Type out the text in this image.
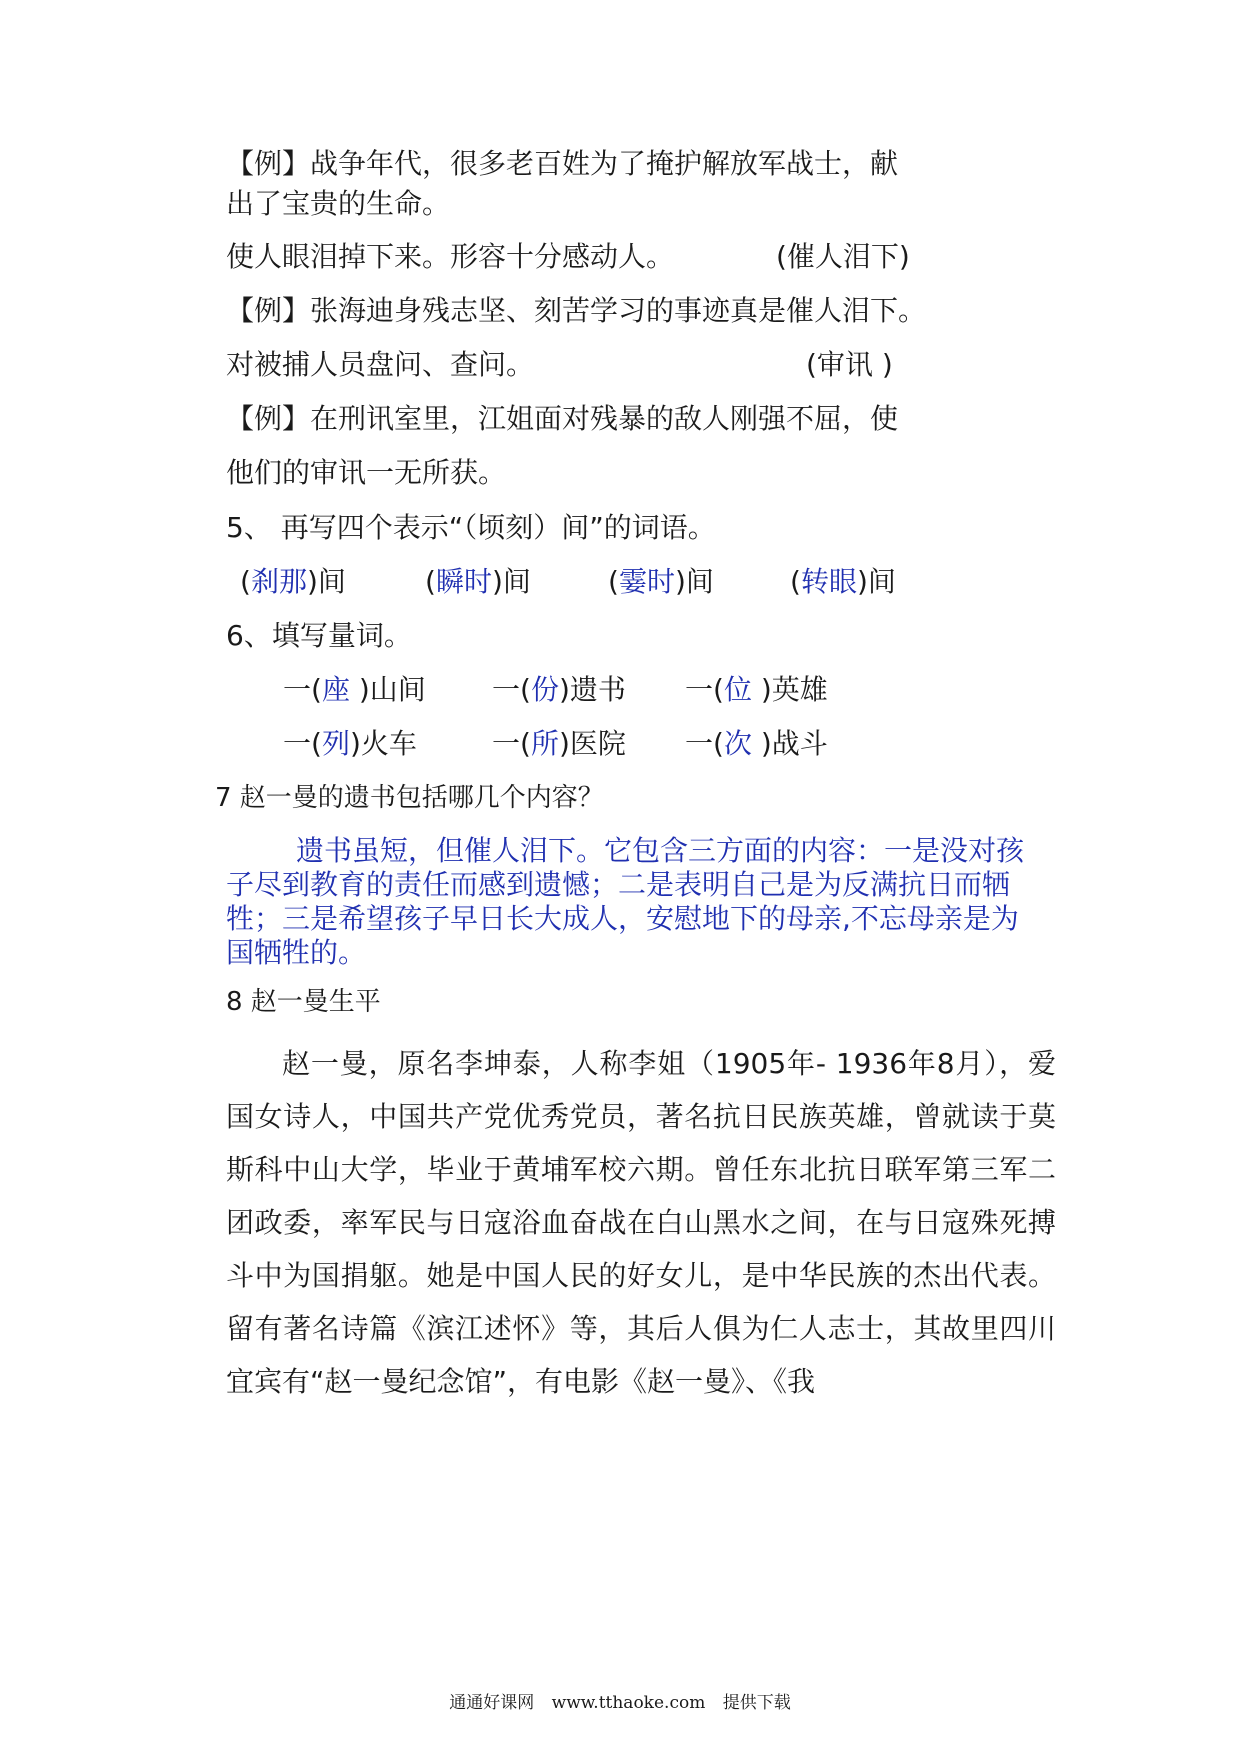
【例】战争年代，很多老百姓为了掩护解放军战士，献
出了宝贵的生命。
使人眼泪掉下来。形容十分感动人。	(催人泪下)
【例】张海迪身残志坚、刻苦学习的事迹真是催人泪下。
对被捕人员盘问、查问。	(审讯 )
【例】在刑讯室里，江姐面对残暴的敌人刚强不屈，使
他们的审讯一无所获。
5、 再写四个表示“（顷刻）间”的词语。
(刹那)间	(瞬时)间	(霎时)间	(转眼)间
6、填写量词。
一(座 )山间 一(份)遗书 一(位 )英雄
一(列)火车	一(所)医院 一(次 )战斗
7 赵一曼的遗书包括哪几个内容？
遗书虽短，但催人泪下。它包含三方面的内容：一是没对孩子尽到教育的责任而感到遗憾；二是表明自己是为反满抗日而牺牲；三是希望孩子早日长大成人，安慰地下的母亲,不忘母亲是为国牺牲的。
8 赵一曼生平
赵一曼，原名李坤泰，人称李姐（1905年- 1936年8月），爱国女诗人，中国共产党优秀党员，著名抗日民族英雄，曾就读于莫斯科中山大学，毕业于黄埔军校六期。曾任东北抗日联军第三军二团政委，率军民与日寇浴血奋战在白山黑水之间，在与日寇殊死搏斗中为国捐躯。她是中国人民的好女儿，是中华民族的杰出代表。留有著名诗篇《滨江述怀》等，其后人俱为仁人志士，其故里四川宜宾有“赵一曼纪念馆”，有电影《赵一曼》、《我
通通好课网 www.tthaoke.com 提供下载
